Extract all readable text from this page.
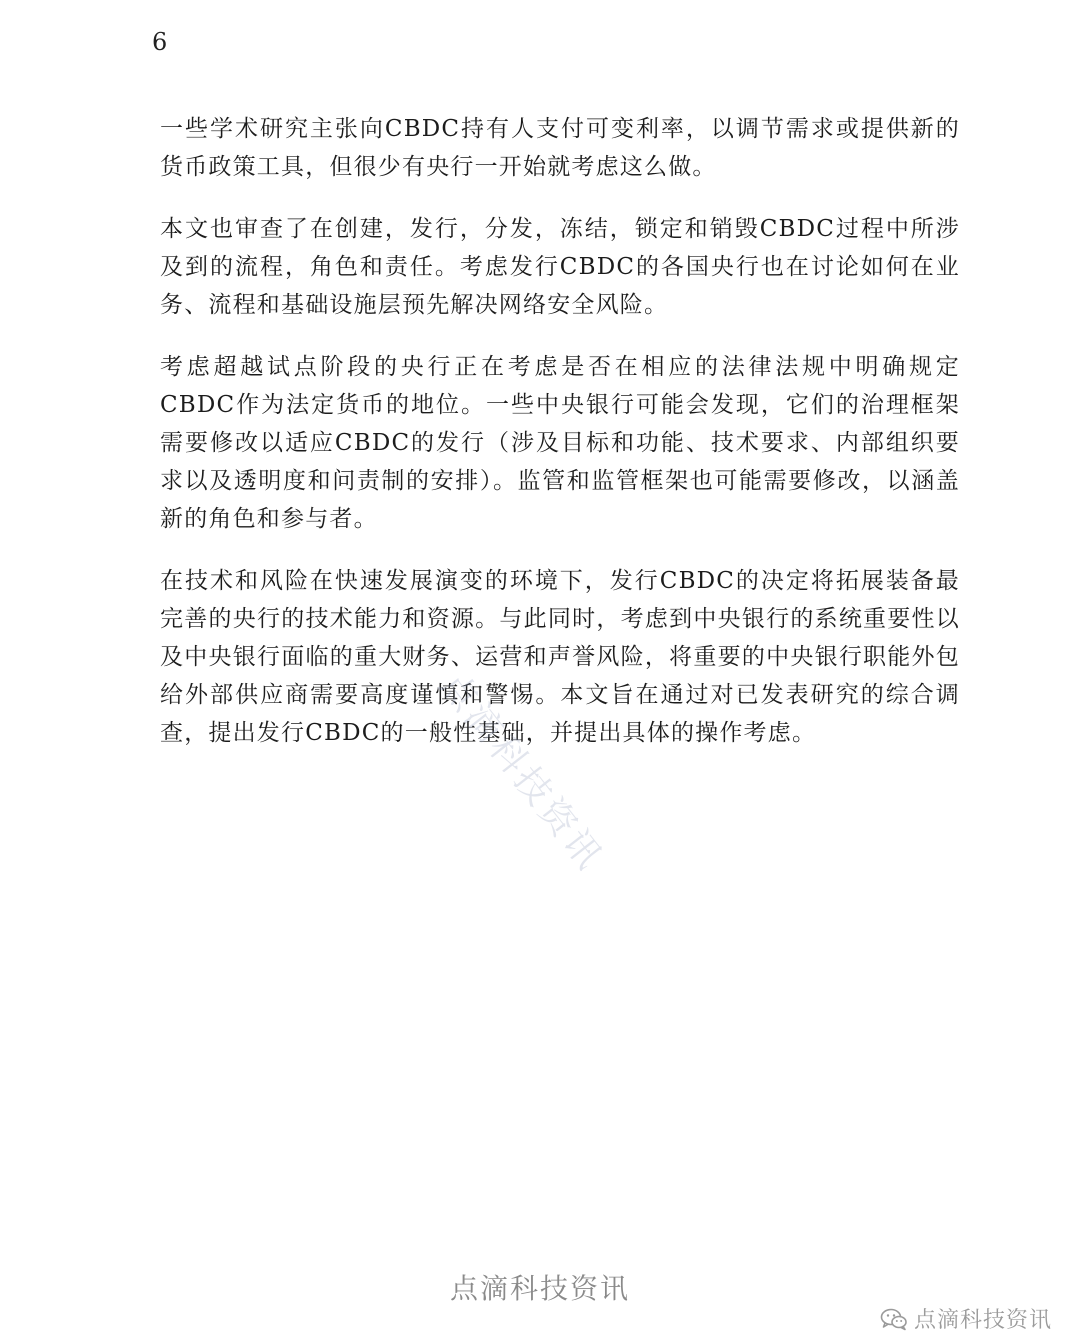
6

一些学术研究主张向CBDC持有人支付可变利率，以调节需求或提供新的货币政策工具，但很少有央行一开始就考虑这么做。

本文也审查了在创建，发行，分发，冻结，锁定和销毁CBDC过程中所涉及到的流程，角色和责任。考虑发行CBDC的各国央行也在讨论如何在业务、流程和基础设施层预先解决网络安全风险。

考虑超越试点阶段的央行正在考虑是否在相应的法律法规中明确规定CBDC作为法定货币的地位。一些中央银行可能会发现，它们的治理框架需要修改以适应CBDC的发行（涉及目标和功能、技术要求、内部组织要求以及透明度和问责制的安排）。监管和监管框架也可能需要修改，以涵盖新的角色和参与者。

在技术和风险在快速发展演变的环境下，发行CBDC的决定将拓展装备最完善的央行的技术能力和资源。与此同时，考虑到中央银行的系统重要性以及中央银行面临的重大财务、运营和声誉风险，将重要的中央银行职能外包给外部供应商需要高度谨慎和警惕。本文旨在通过对已发表研究的综合调查，提出发行CBDC的一般性基础，并提出具体的操作考虑。

点滴科技资讯
点滴科技资讯
点滴科技资讯
